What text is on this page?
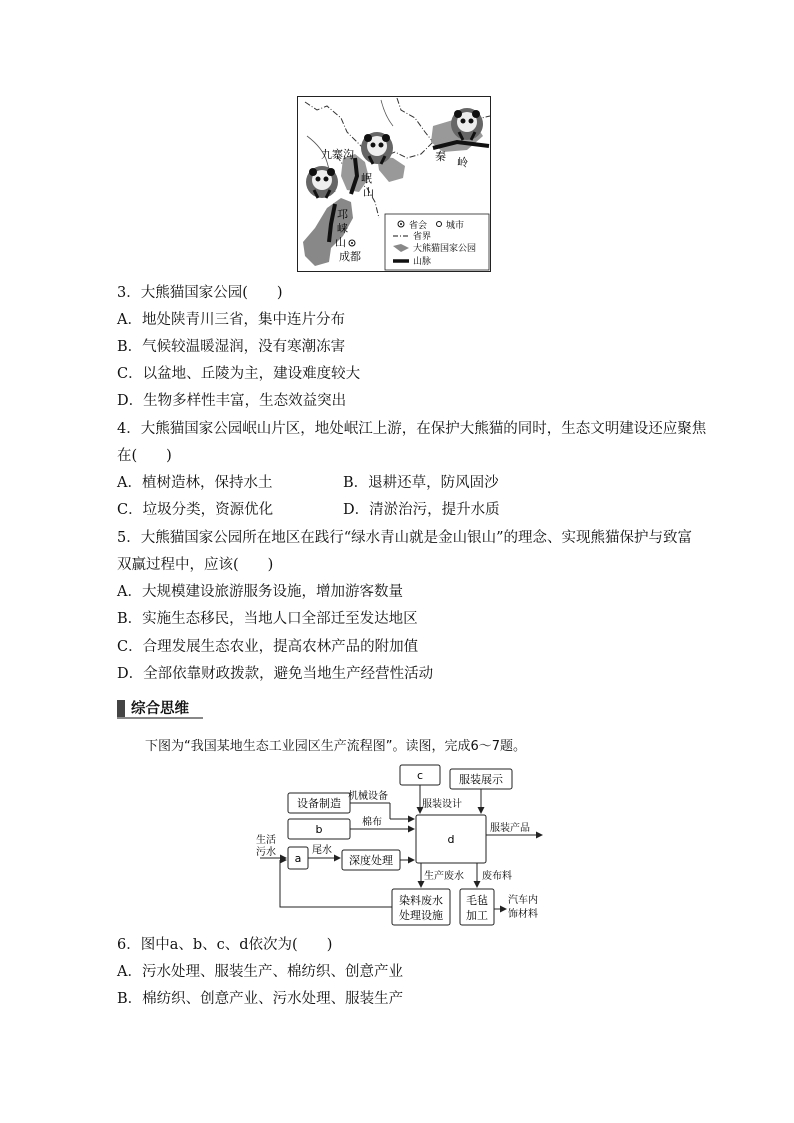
九寨沟
岷
山
秦 岭
邛
崃
山
成都
省会 城市
省界
大熊猫国家公园
山脉
3．大熊猫国家公园(　　)
A．地处陕青川三省，集中连片分布
B．气候较温暖湿润，没有寒潮冻害
C．以盆地、丘陵为主，建设难度较大
D．生物多样性丰富，生态效益突出
4．大熊猫国家公园岷山片区，地处岷江上游，在保护大熊猫的同时，生态文明建设还应聚焦
在(　　)
A．植树造林，保持水土	B．退耕还草，防风固沙
C．垃圾分类，资源优化	D．清淤治污，提升水质
5．大熊猫国家公园所在地区在践行“绿水青山就是金山银山”的理念、实现熊猫保护与致富
双赢过程中，应该(　　)
A．大规模建设旅游服务设施，增加游客数量
B．实施生态移民，当地人口全部迁至发达地区
C．合理发展生态农业，提高农林产品的附加值
D．全部依靠财政拨款，避免当地生产经营性活动
综合思维
下图为“我国某地生态工业园区生产流程图”。读图，完成6～7题。
c	服装展示
设备制造
b
d
a	深度处理
染料废水
处理设施
毛毡
加工
机械设备
服装设计
棉布
服装产品
生活
污水	尾水
生产废水 废布料
汽车内
饰材料
6．图中a、b、c、d依次为(　　)
A．污水处理、服装生产、棉纺织、创意产业
B．棉纺织、创意产业、污水处理、服装生产
